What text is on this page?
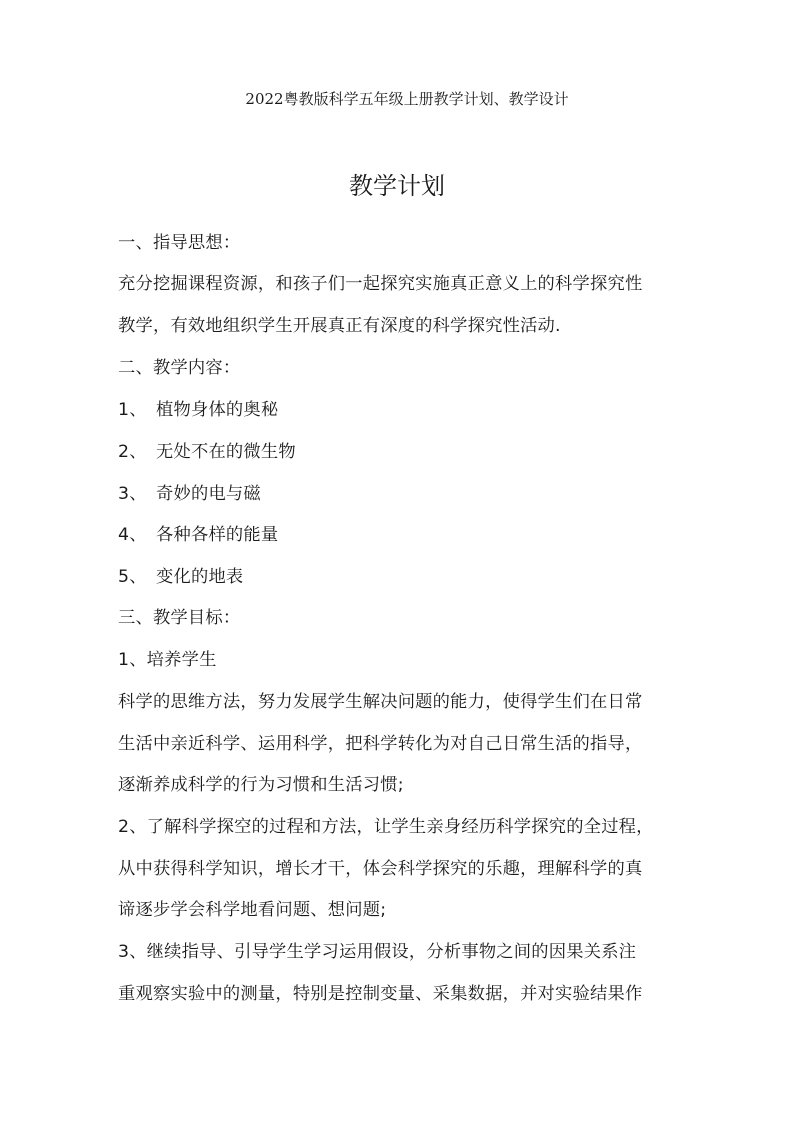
2022粤教版科学五年级上册教学计划、教学设计
教学计划
一、指导思想：
充分挖掘课程资源，和孩子们一起探究实施真正意义上的科学探究性
教学，有效地组织学生开展真正有深度的科学探究性活动.
二、教学内容：
1、 植物身体的奥秘
2、 无处不在的微生物
3、 奇妙的电与磁
4、 各种各样的能量
5、 变化的地表
三、教学目标：
1、培养学生
科学的思维方法，努力发展学生解决问题的能力，使得学生们在日常
生活中亲近科学、运用科学，把科学转化为对自己日常生活的指导，
逐渐养成科学的行为习惯和生活习惯;
2、了解科学探空的过程和方法，让学生亲身经历科学探究的全过程，
从中获得科学知识，增长才干，体会科学探究的乐趣，理解科学的真
谛逐步学会科学地看问题、想问题;
3、继续指导、引导学生学习运用假设，分析事物之间的因果关系注
重观察实验中的测量，特别是控制变量、采集数据，并对实验结果作
